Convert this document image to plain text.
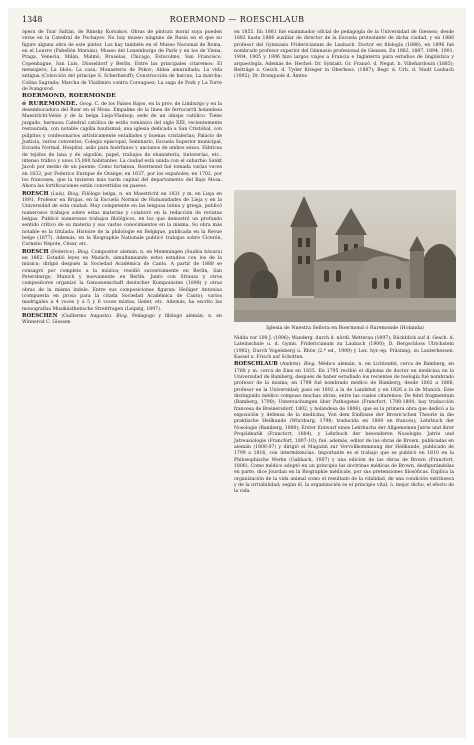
1348	ROERMOND — ROESCHLAUB

ópera de Tsar Saltán, de Rimsky Korsakov. Obras de pintura moral suya pueden verse en la Catedral de Pochayev. No hay museo ninguno de Rusia en el que no figure alguna obra de este pintor. Los hay también en el Museo Nacional de Roma, en el Louvre (Pabellón Marsán), Museo del Luxemburgo de París y en los de Viena, Praga, Venecia, Milán, Malmö, Bruselas, Chicago, Estocolmo, San Francisco, Copenhague, San Luis, Düsseldorf y Berlín. Entre las principales citaremos: El mensajero; La Idolo; La caza; Monasterio de Pskov; Aldea amurallada; La vida antigua (Colección del príncipe S. Scherbatoff); Construcción de barcas; La marcha; Colina Sagrada; Marcha de Vladímiro contra Corsuguez; La saga de Pozk y La Torre de Ivangorod.

ROERMOND, ROERMONDE
ó RUREMONDE. Geog. C. de los Países Bajos, en la prov. de Limburgo y en la desembocadura del Roer en el Mosa. Empalme de la línea de ferrocarril holandesa Maestricht-Venlo y de la belga Lieja-Vladsop; sede de un obispo católico. Tiene juzgado, hermosa Catedral católica de estilo románico del siglo XIII, recientemente restaurada, con notable capilla bautismal; una iglesia dedicada a San Cristóbal, con púlpitos y confesonarios artísticamente entallados y buenas cristalerías; Palacio de Justicia, varios conventos, Colegio episcopal, Seminario, Escuela Superior municipal, Escuela Normal, Hospital, asilo para huérfanos y ancianos de ambos sexos. Fábricas de tejidos de lana y de algodón, papel, trabajos de ebanistería, tintorerías, etc., intenso tráfico y unos 15,000 habitantes. La ciudad está unida con el suburbio Sankt Jacob por medio de un puente. Como fortaleza, Roermond fué tomada varias veces en 1632, por Federico Enrique de Orange; en 1637, por los españoles; en 1702, por los franceses, que la tuvieron más tarde capital del departamento del Bajo Mosa. Ahora las fortificaciones están convertidas en paseos.

ROESCH (Luis). Biog. Filólogo belga, n. en Maestricht en 1831 y m. en Lieja en 1891. Profesor en Brujas, en la Escuela Normal de Humanidades de Lieja y en la Universidad de esta ciudad. Muy competente en las lenguas latina y griega, publicó numerosos trabajos sobre estas materias y colaboró en la redacción de revistas belgas. Publicó numerosos trabajos filológicos, en los que demostró un profundo sentido crítico de su materia y sus vastos conocimientos en la misma. Su obra más notable es la titulada: Histoire de la philologie en Belgique, publicada en la Revue belge (1877). Además, en la Biographie Nationale publicó trabajos sobre Cicerón, Cornelio Nepote, César, etc.

ROESCH (Federico). Biog. Compositor alemán, n. en Memmingen (Suabia bávara) en 1862. Estudió leyes en Munich, simultaneando estos estudios con los de la música; dirigió después la Sociedad Académica de Canto. A partir de 1888 se consagró por completo a la música; residió sucesivamente en Berlín, San Petersburgo, Munich y nuevamente en Berlín. Junto con Strauss y otros compositores organizó la Genossenschaft deutscher Komponisten (1898) y otras obras de la misma índole. Entre sus composiciones figuran: Heiliger Antonius (compuesta en prosa para la citada Sociedad Académica de Canto); varios madrigales a 4 voces y a 5 y 6 voces mixtas, lieder, etc. Además, ha escrito las monografías Musikästhetische Streitfragen (Leipzig, 1897).

ROESCHEN (Guillermo Augusto). Biog. Pedagogo y filólogo alemán, n. en Winnerod C. Giessen

en 1855. En 1881 fué examinador oficial de pedagogía de la Universidad de Giessen; desde 1882 hasta 1886 auxiliar de director de la Escuela protestante de dicha ciudad, y en 1886 profesor del Gymnasio Fridericianum de Laubach. Doctor en filología (1886), en 1896 fué nombrado profesor superior del Gimnasio profesional de Giessen. En 1882, 1887, 1894, 1901, 1904, 1905 y 1906 hizo largos viajes a Francia e Inglaterra para estudios de lingüística y arqueología. Además de: Hechel: Dr. Syntakt. Gr. Franzö. d. Negat. b. Villehardouin (1885); Beiträge z. Gesch. d. Tyder Krieger in Oberhess. (1887); Begr. d. Urb. d. Stadt Laubach (1892); Dr. Dranguole d. Ämtes

Iglesia de Nuestra Señora en Roermond ó Ruremonde (Holanda)

Nidda vor 100 J. (1896); Wanderg. durch d. nördl. Wetterau (1897); Rückblick auf d. Gesch. d. Lateinschule u. d. Gymn. Fridericianum zu Laubach (1900); D. Bergschloss Ulrichstein (1902); Durch Vogelsberg u. Rhön (2.ª ed., 1909) y Lex. hyr.-ep. Präsinng. zu Lauterhessen. Kassel u. Frisch auf Schotten.

ROESCHLAUB (Andrés). Biog. Médico alemán, n. en Lichtenfel, cerca de Bamberg, en 1768 y m. cerca de Ems en 1835. En 1795 recibió el diploma de doctor en medicina en la Universidad de Bamberg; después de haber estudiado los recientes de teología fué nombrado profesor de la misma; en 1798 fué nombrado médico de Bamberg; desde 1802 a 1806, profesor en la Universidad; pasó en 1802 a la de Landshut y en 1826 a la de Munich. Este distinguido médico compuso muchas obras, entre las cuales citaremos: De febri fragmentum (Bamberg, 1790); Untersuchungen über Pathogenie (Francfort, 1798-1800; hay traducción francesa de Breinersdorf, 1802, y holandesa de 1806), que es la primera obra que dedicó a la exposición y defensa de la medicina; Von dem Einflusse der Brown'schen Theorie in die praktische Heilkunde (Würzburg, 1798; traducida en 1800 en francés); Lehrbuch der Nosologie (Bamberg, 1800); Erster Entwurf eines Lehrbuchs der Allgemeinen Jatrie und ihrer Propädeutik (Francfort, 1804), y Lehrbuch der besonderen Nosologie, Jatrie und Jatreusiologie (Francfort, 1807-10); fué, además, editor de las obras de Brown, publicadas en alemán (1806-07) y dirigió el Magazin zur Vervollkommnung der Heilkunde, publicado de 1799 a 1816, con intermitencias. Importante es el trabajo que se publicó en 1810 en la Philosophische Werke (Gabbach, 1807) y una edición de las obras de Brown (Francfort, 1806). Como médico adoptó en un principio las doctrinas médicas de Brown, desfigurándolas en parte, dice Jourdan en la Biographie médicale, por sus pretensiones filosóficas. Explica la organización de la vida animal como el resultado de la vitalidad, de una condición extrínseca y de la irritabilidad; según él, la organización es el principio vital, ó, mejor dicho, el efecto de la vida.
